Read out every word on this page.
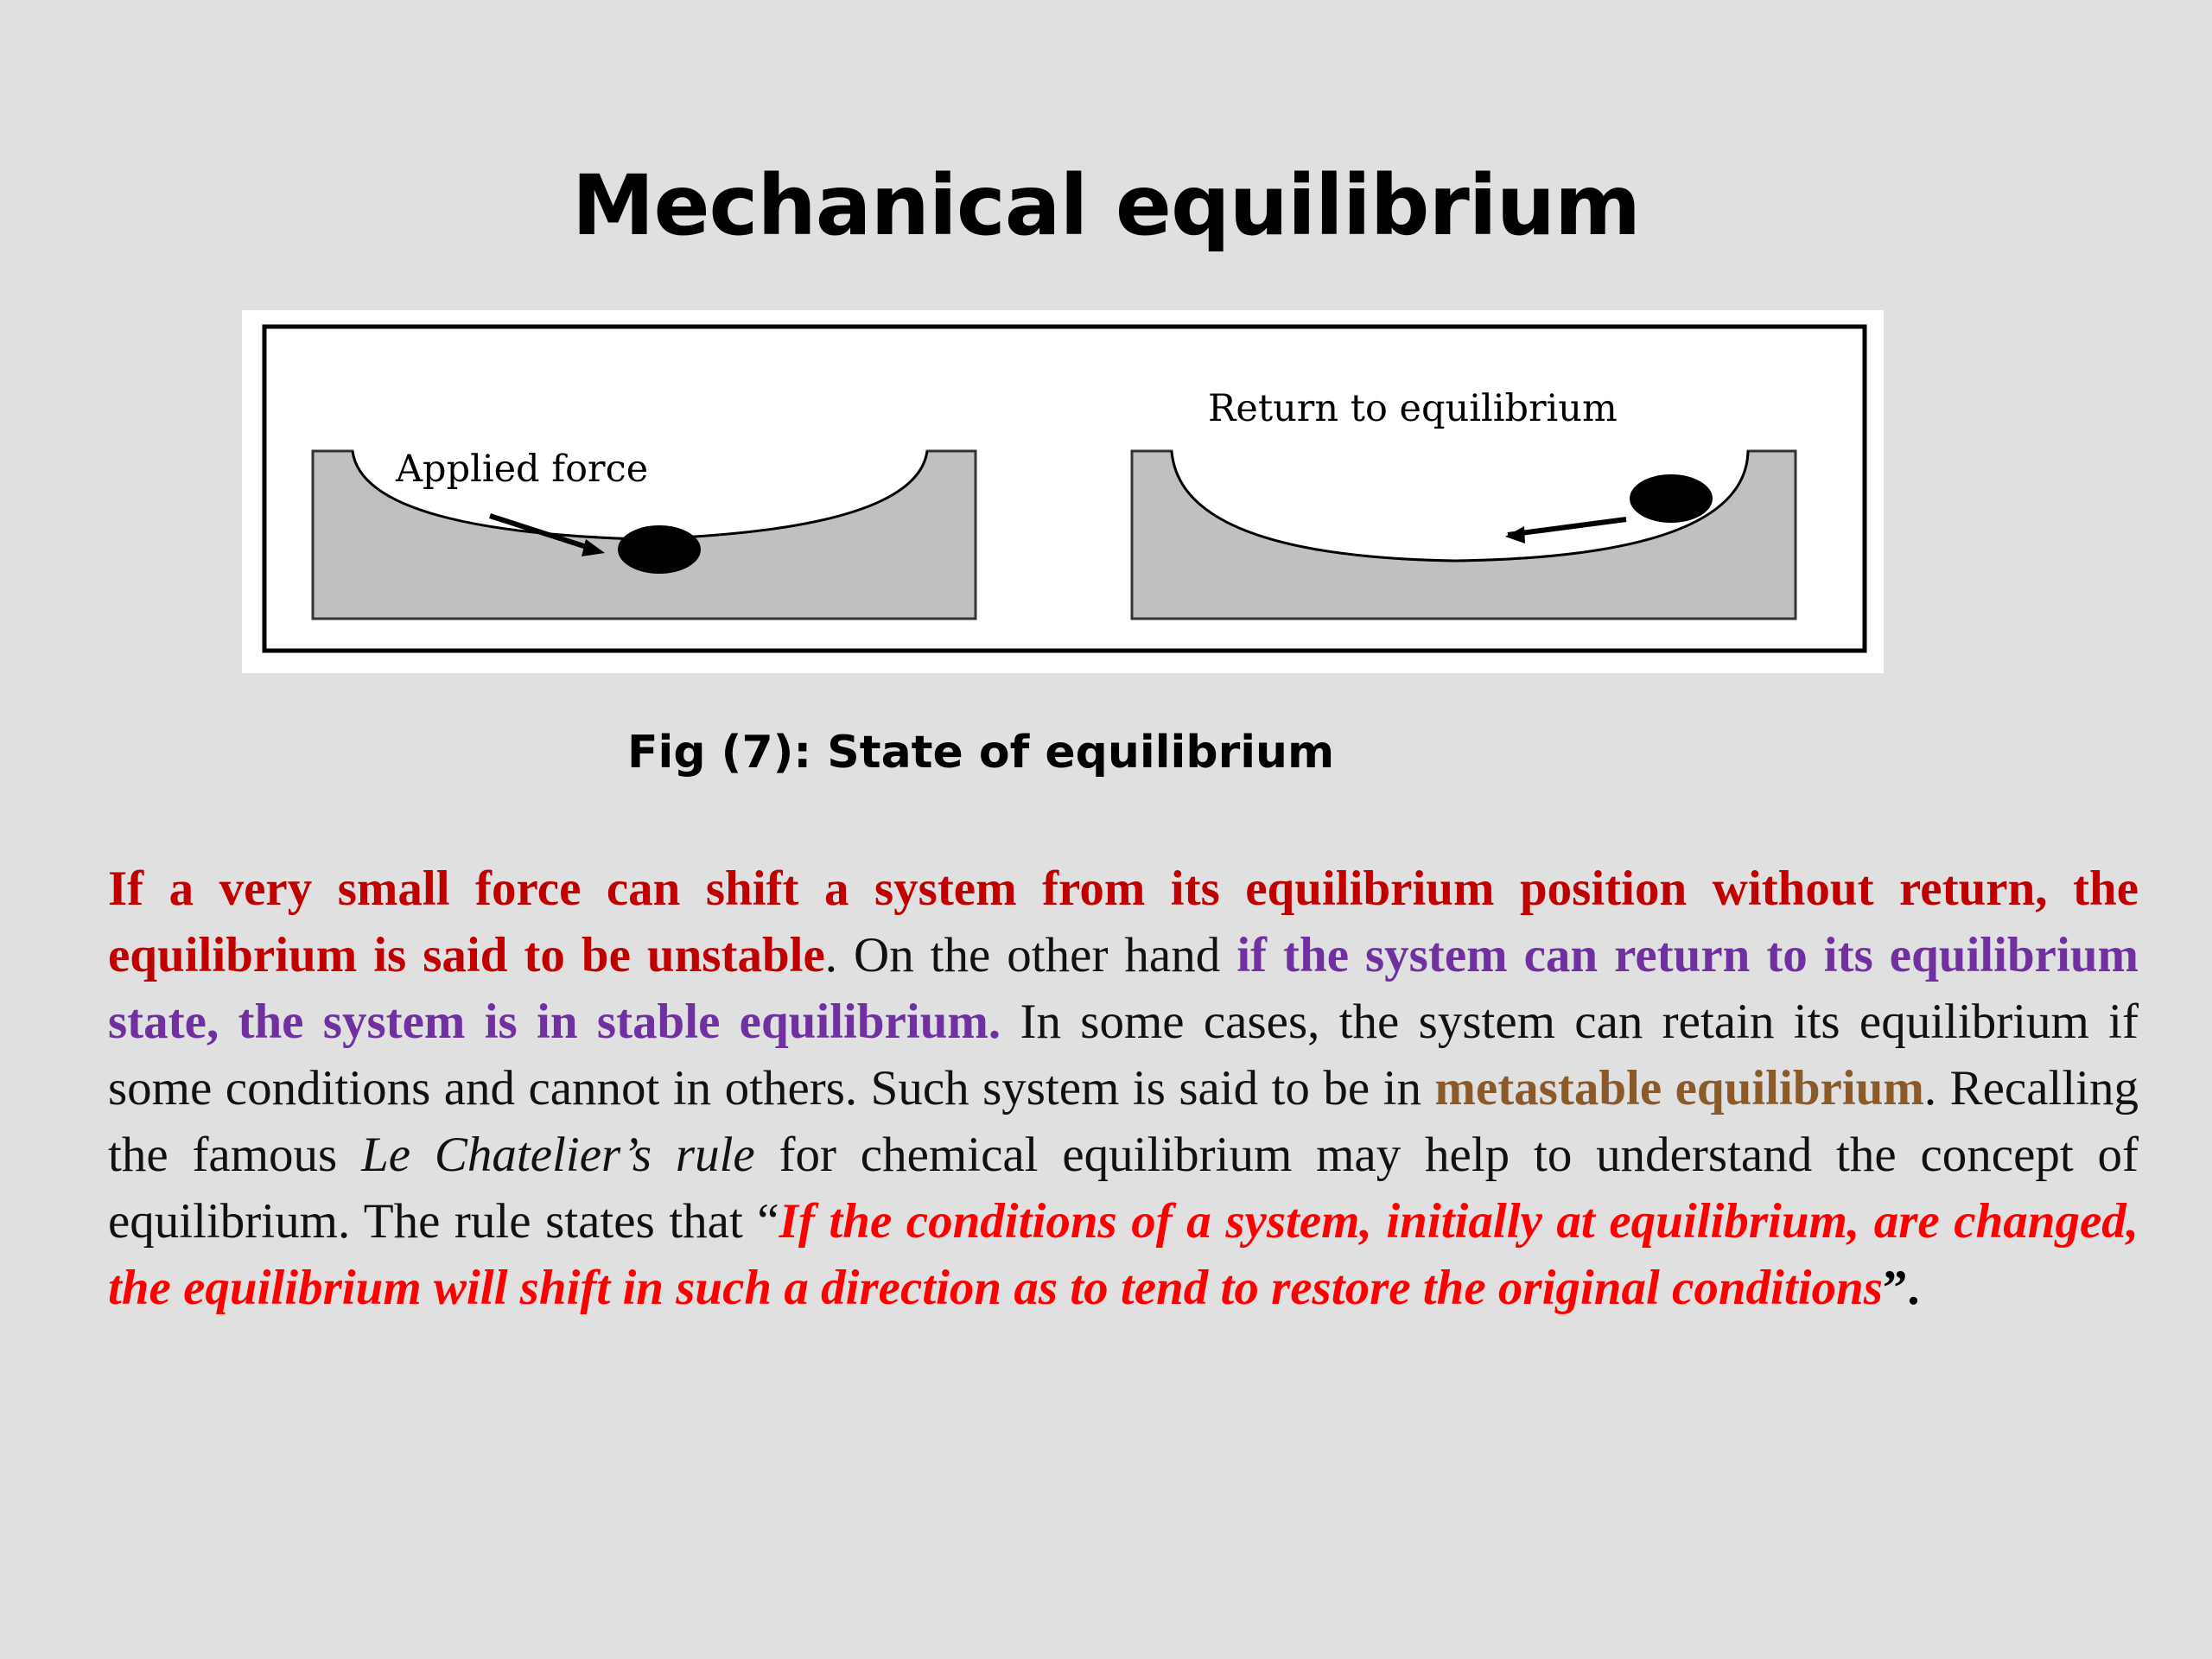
Mechanical equilibrium
Applied force
Return to equilibrium
Fig (7): State of equilibrium
If a very small force can shift a system from its equilibrium position without return, the equilibrium is said to be unstable. On the other hand if the system can return to its equilibrium state, the system is in stable equilibrium. In some cases, the system can retain its equilibrium if some conditions and cannot in others. Such system is said to be in metastable equilibrium. Recalling the famous Le Chatelier’s rule for chemical equilibrium may help to understand the concept of equilibrium. The rule states that “If the conditions of a system, initially at equilibrium, are changed, the equilibrium will shift in such a direction as to tend to restore the original conditions”.
